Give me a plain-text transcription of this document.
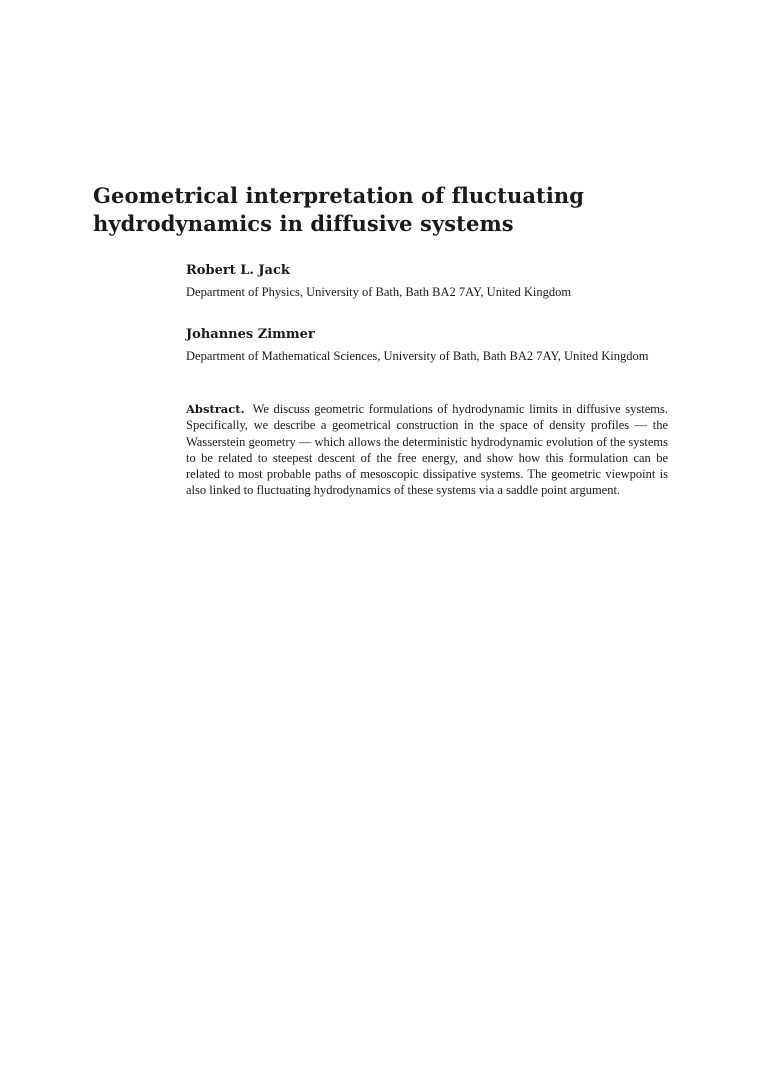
Geometrical interpretation of fluctuating
hydrodynamics in diffusive systems

Robert L. Jack

Department of Physics, University of Bath, Bath BA2 7AY, United Kingdom

Johannes Zimmer

Department of Mathematical Sciences, University of Bath, Bath BA2 7AY, United Kingdom

Abstract. We discuss geometric formulations of hydrodynamic limits in diffusive systems. Specifically, we describe a geometrical construction in the space of density profiles — the Wasserstein geometry — which allows the deterministic hydrodynamic evolution of the systems to be related to steepest descent of the free energy, and show how this formulation can be related to most probable paths of mesoscopic dissipative systems. The geometric viewpoint is also linked to fluctuating hydrodynamics of these systems via a saddle point argument.
